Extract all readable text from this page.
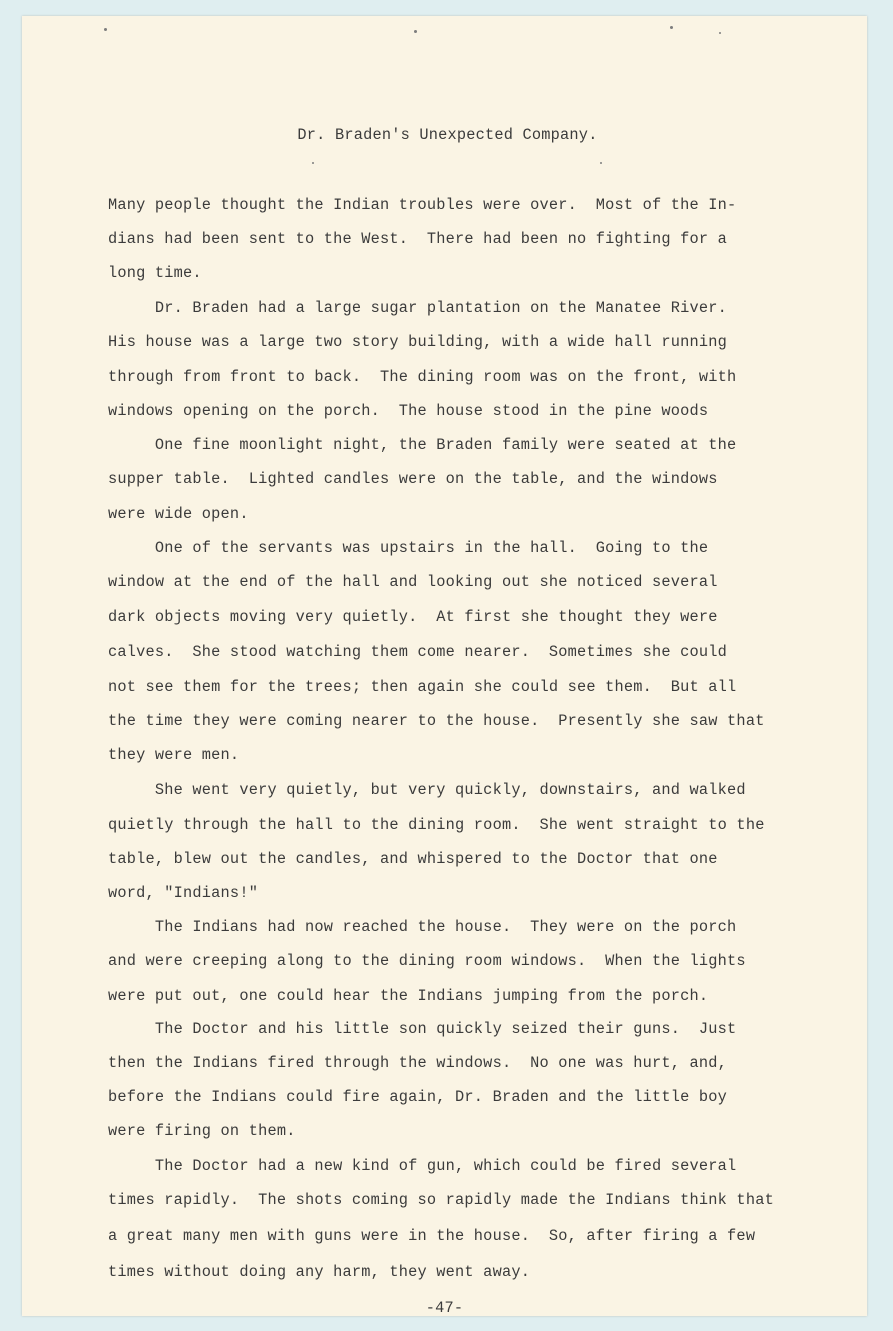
Dr. Braden's Unexpected Company.
Many people thought the Indian troubles were over.  Most of the In-
dians had been sent to the West.  There had been no fighting for a
long time.
Dr. Braden had a large sugar plantation on the Manatee River.
His house was a large two story building, with a wide hall running
through from front to back.  The dining room was on the front, with
windows opening on the porch.  The house stood in the pine woods
One fine moonlight night, the Braden family were seated at the
supper table.  Lighted candles were on the table, and the windows
were wide open.
One of the servants was upstairs in the hall.  Going to the
window at the end of the hall and looking out she noticed several
dark objects moving very quietly.  At first she thought they were
calves.  She stood watching them come nearer.  Sometimes she could
not see them for the trees; then again she could see them.  But all
the time they were coming nearer to the house.  Presently she saw that
they were men.
She went very quietly, but very quickly, downstairs, and walked
quietly through the hall to the dining room.  She went straight to the
table, blew out the candles, and whispered to the Doctor that one
word, "Indians!"
The Indians had now reached the house.  They were on the porch
and were creeping along to the dining room windows.  When the lights
were put out, one could hear the Indians jumping from the porch.
The Doctor and his little son quickly seized their guns.  Just
then the Indians fired through the windows.  No one was hurt, and,
before the Indians could fire again, Dr. Braden and the little boy
were firing on them.
The Doctor had a new kind of gun, which could be fired several
times rapidly.  The shots coming so rapidly made the Indians think that
a great many men with guns were in the house.  So, after firing a few
times without doing any harm, they went away.
-47-
